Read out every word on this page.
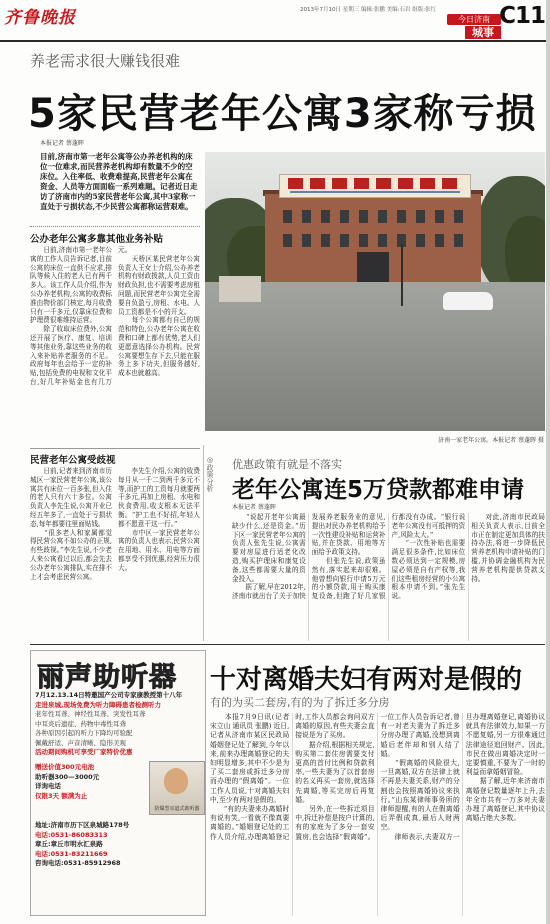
齐鲁晚报	2013年7月10日 星期三 编辑:张鹏 美编:石岩 组版:张红
今日济南
城事
C11
养老需求很大赚钱很难
5家民营老年公寓3家称亏损
本报记者 蔡蓬晖
目前,济南市第一老年公寓等公办养老机构的床位一位难求,而民营养老机构却有数量不少的空床位。入住率低、收费难提高,民营老年公寓在资金、人员等方面面临一系列难题。记者近日走访了济南市内的5家民营老年公寓,其中3家称一直处于亏损状态,不少民营公寓都称运营艰难。
公办老年公寓多靠其他业务补贴
　　日前,济南市第一老年公寓的工作人员告诉记者,目前公寓的床位一直供不应求,排队等候入住的老人已有两千多人。该工作人员介绍,作为公办养老机构,公寓的收费标准由物价部门核定,每月收费只有一千多元,仅靠床位费和护理费很难维持运营。
　　除了收取床位费外,公寓还开展了医疗、康复、培训等其他业务,靠这些业务的收入来补贴养老服务的不足。政府每年也会给予一定的补贴,包括免费的电视和文化平台,好几年补贴金也有几万元。
　　天桥区某民营老年公寓负责人王女士介绍,公办养老机构有财政拨款,人员工资由财政负担,也不需要考虑房租问题,而民营老年公寓完全需要自负盈亏,房租、水电、人员工资都是不小的开支。
　　每个公寓都有自己的规范和特色,公办老年公寓在收费和口碑上都有优势,老人们更愿意选择公办机构。民营公寓要想生存下去,只能在服务上多下功夫,但服务越好,成本也就越高。
民营老年公寓受歧视
　　日前,记者来到济南市历城区一家民营老年公寓,该公寓共有床位一百多张,但入住的老人只有六十多位。公寓负责人李先生说,公寓开业已经五年多了,一直处于亏损状态,每年都要往里面贴钱。
　　“很多老人和家属都觉得民营公寓不如公办的正规,有些歧视。”李先生说,不少老人来公寓看过以后,都会先去公办老年公寓排队,实在排不上才会考虑民营公寓。
　　李先生介绍,公寓的收费每月从一千二到两千多元不等,而护工的工资每月就要两千多元,再加上房租、水电和伙食费用,收支根本无法平衡。“护工也不好招,年轻人都不愿意干这一行。”
　　市中区一家民营老年公寓的负责人也表示,民营公寓在用地、用水、用电等方面都享受不到优惠,经营压力很大。
济南一家老年公寓。本报记者 蔡蓬晖 摄
◎政策分析 优惠政策有就是不落实
老年公寓连5万贷款都难申请
本报记者 蔡蓬晖
　　“说起开老年公寓最缺少什么,还是资金。”历下区一家民营老年公寓的负责人张先生说,公寓需要对房屋进行适老化改造,购买护理床和康复设备,这些都需要大量的资金投入。
　　据了解,早在2012年,济南市就出台了关于加快发展养老服务业的意见,提出对民办养老机构给予一次性建设补贴和运营补贴,并在贷款、用地等方面给予政策支持。
　　但张先生说,政策虽然有,落实起来却很难。他曾想向银行申请5万元的小额贷款,用于购买康复设备,但跑了好几家银行都没有办成。“银行说老年公寓没有可抵押的资产,风险太大。”
　　“一次性补贴也需要满足很多条件,比如床位数必须达到一定规模,房屋必须是自有产权等,我们这些租房经营的小公寓根本申请不到。”张先生说。
　　对此,济南市民政局相关负责人表示,目前全市正在制定更加具体的扶持办法,将进一步降低民营养老机构申请补贴的门槛,并协调金融机构为民营养老机构提供贷款支持。
丽声助听器
7月12.13.14日特邀国产公司专家康教授第十八年
走进泉城,现场免费为听力障碍患者检测听力
老年性耳聋、神经性耳聋、突发性耳聋
中耳炎后遗症、药物中毒性耳聋
各种原因引起的听力下降均可验配
佩戴舒适、声音清晰、隐形美观
活动期间购机可享受厂家特价优惠
赠送价值300元电池
助听器300—3000元
详询电话
仅限3天 额满为止
防爆型耳道式助听器
地址:济南市历下区泉城路178号
电话:0531-86083313
章丘:章丘市明水汇泉路
电话:0531-83211669
咨询电话:0531-85912968
十对离婚夫妇有两对是假的
有的为买二套房,有的为了拆迁多分房
　　本报7月9日讯(记者 宋立山 通讯员 张鹏) 近日,记者从济南市某区民政局婚姻登记处了解到,今年以来,前来办理离婚登记的夫妇明显增多,其中不少是为了买二套房或拆迁多分房而办理的“假离婚”。一位工作人员说,十对离婚夫妇中,至少有两对是假的。
　　“有的夫妻来办离婚时有说有笑,一看就不像真要离婚的。”婚姻登记处的工作人员介绍,办理离婚登记时,工作人员都会询问双方离婚的原因,有些夫妻会直接说是为了买房。
　　据介绍,根据相关规定,购买第二套住房需要支付更高的首付比例和贷款利率,一些夫妻为了以首套房的名义再买一套房,就选择先离婚,等买完房后再复婚。
　　另外,在一些拆迁项目中,拆迁补偿是按户计算的,有的家庭为了多分一套安置房,也会选择“假离婚”。一位工作人员告诉记者,曾有一对老夫妻为了拆迁多分房办理了离婚,没想到离婚后老伴却和别人结了婚。
　　“假离婚的风险很大,一旦离婚,双方在法律上就不再是夫妻关系,财产的分割也会按照离婚协议来执行。”山东某律师事务所的律师提醒,有的人在假离婚后弄假成真,最后人财两空。
　　律师表示,夫妻双方一旦办理离婚登记,离婚协议就具有法律效力,如果一方不愿复婚,另一方很难通过法律途径追回财产。因此,市民在做出离婚决定时一定要慎重,不要为了一时的利益而拿婚姻冒险。
　　据了解,近年来济南市离婚登记数量逐年上升,去年全市共有一万多对夫妻办理了离婚登记,其中协议离婚占绝大多数。
